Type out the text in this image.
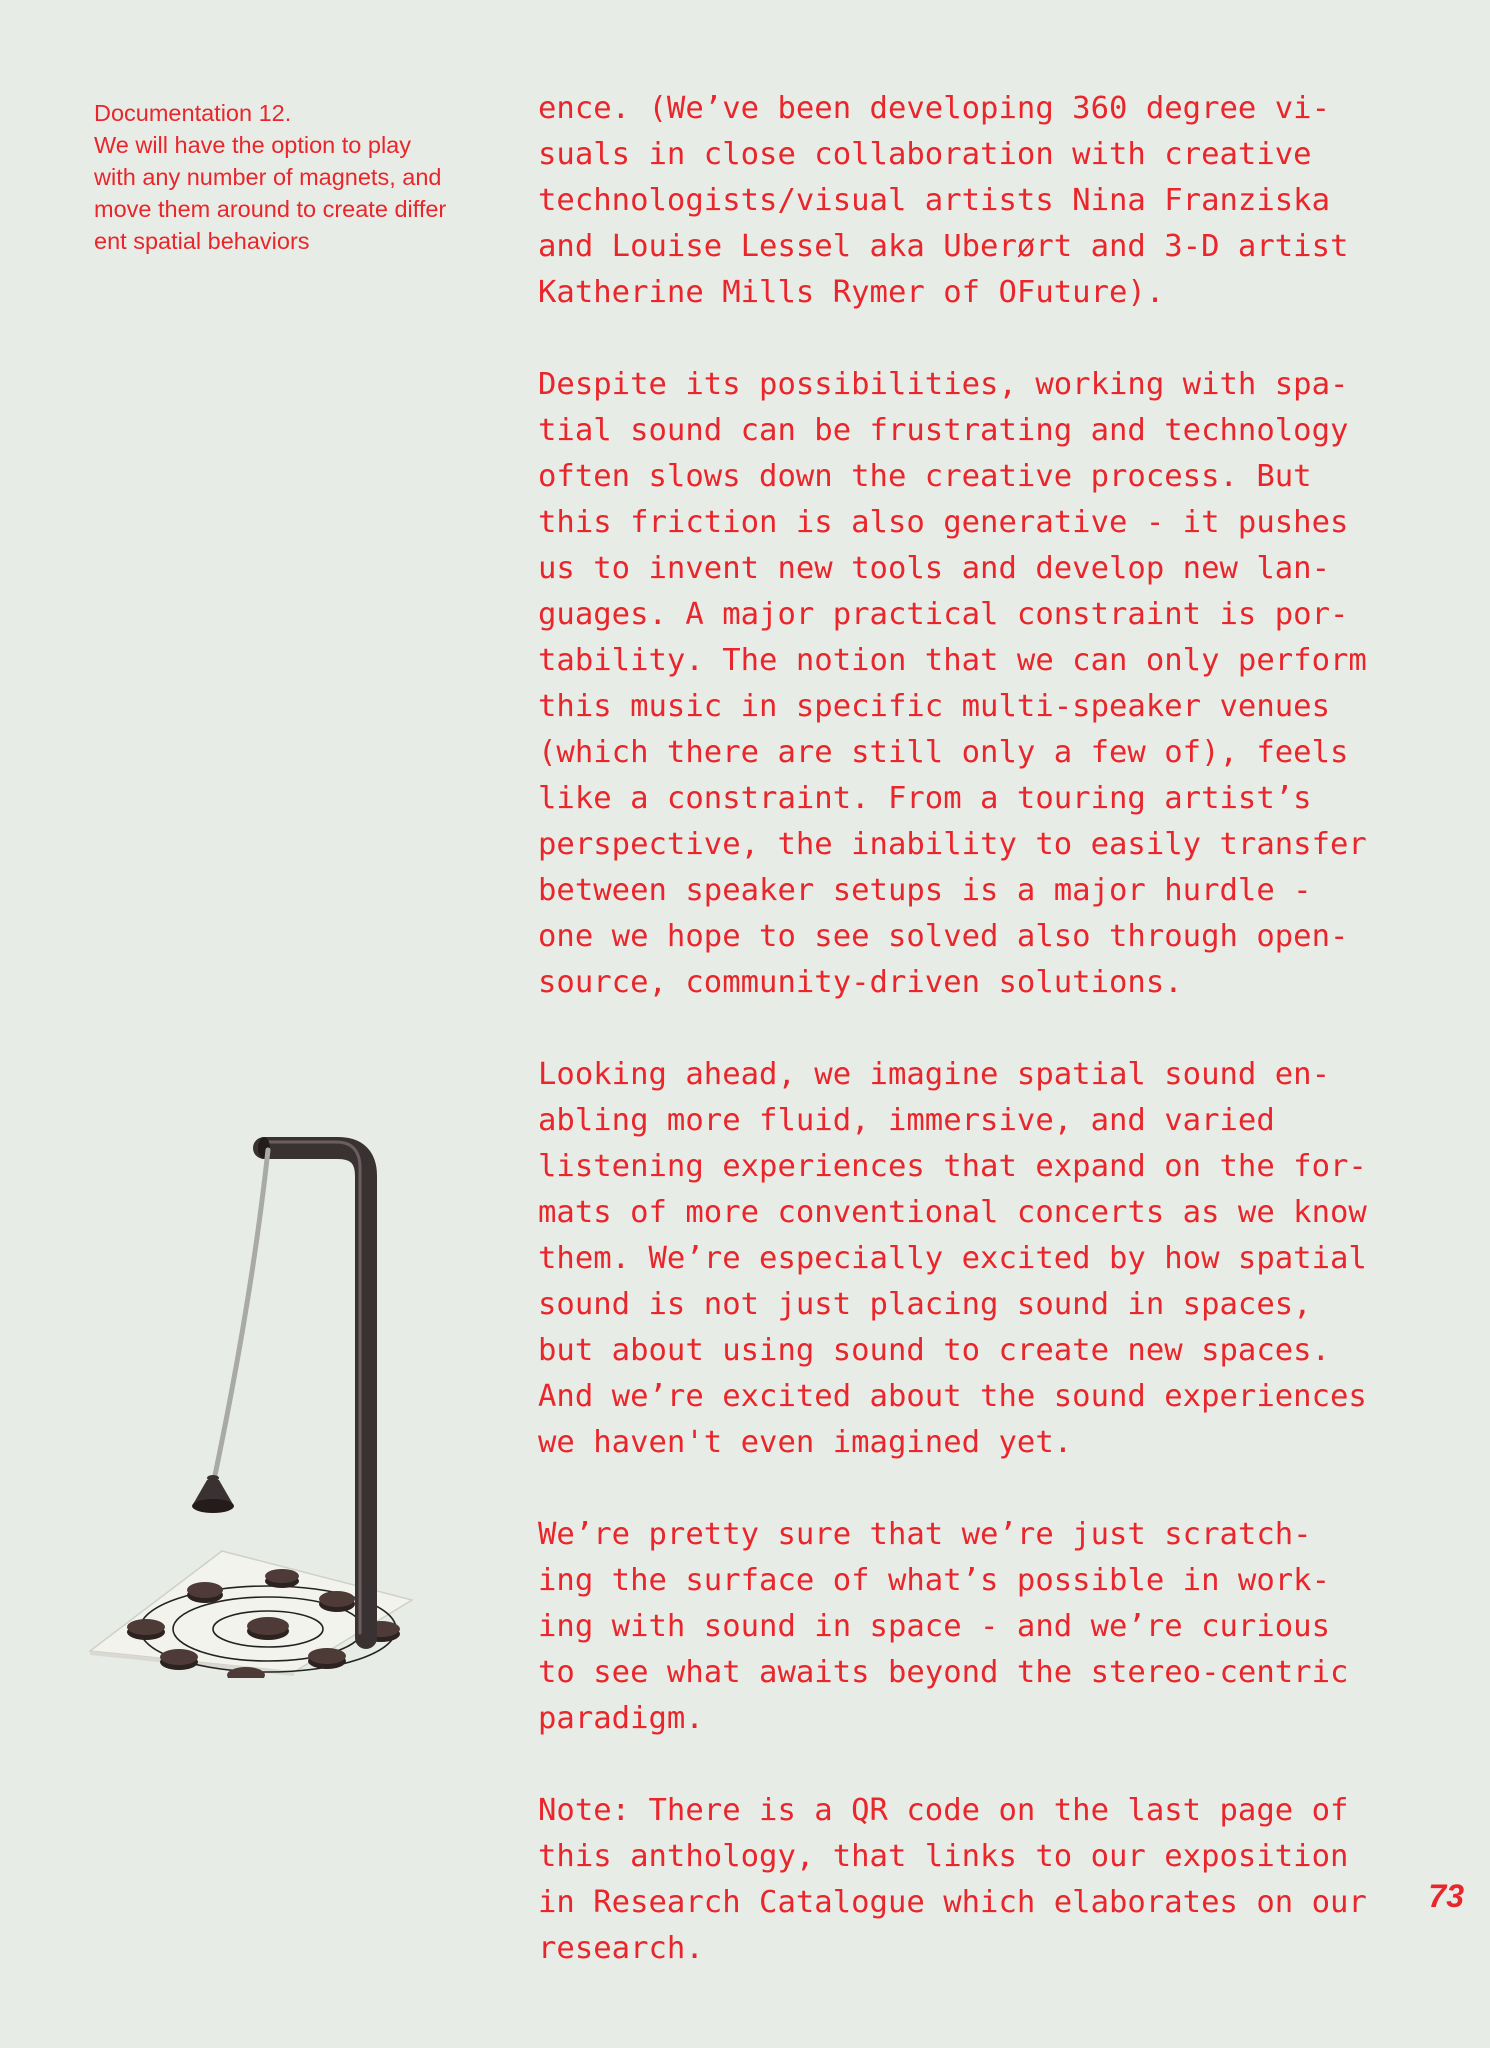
Documentation 12.
We will have the option to play
with any number of magnets, and
move them around to create differ
ent spatial behaviors
ence. (We’ve been developing 360 degree vi-
suals in close collaboration with creative
technologists/visual artists Nina Franziska
and Louise Lessel aka Uberørt and 3-D artist
Katherine Mills Rymer of OFuture).
Despite its possibilities, working with spa-
tial sound can be frustrating and technology
often slows down the creative process. But
this friction is also generative - it pushes
us to invent new tools and develop new lan-
guages. A major practical constraint is por-
tability. The notion that we can only perform
this music in specific multi-speaker venues
(which there are still only a few of), feels
like a constraint. From a touring artist’s
perspective, the inability to easily transfer
between speaker setups is a major hurdle -
one we hope to see solved also through open-
source, community-driven solutions.
Looking ahead, we imagine spatial sound en-
abling more fluid, immersive, and varied
listening experiences that expand on the for-
mats of more conventional concerts as we know
them. We’re especially excited by how spatial
sound is not just placing sound in spaces,
but about using sound to create new spaces.
And we’re excited about the sound experiences
we haven't even imagined yet.
We’re pretty sure that we’re just scratch-
ing the surface of what’s possible in work-
ing with sound in space - and we’re curious
to see what awaits beyond the stereo-centric
paradigm.
Note: There is a QR code on the last page of
this anthology, that links to our exposition
in Research Catalogue which elaborates on our
research.
73
